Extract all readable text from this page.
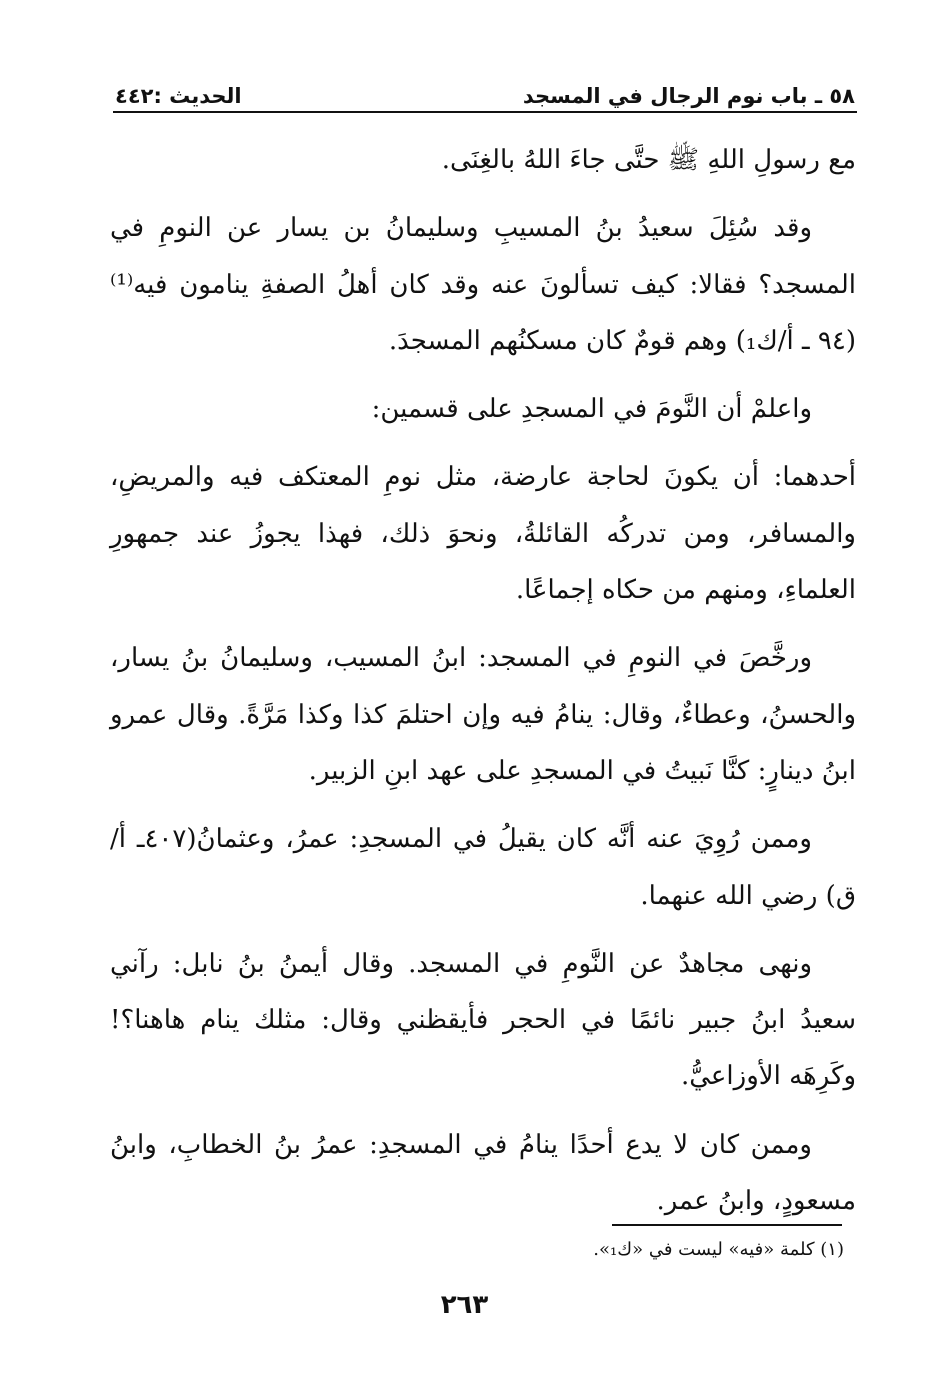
٥٨ ـ باب نوم الرجال في المسجد
الحديث :٤٤٢

مع رسولِ اللهِ ﷺ حتَّى جاءَ اللهُ بالغِنَى.

وقد سُئِلَ سعيدُ بنُ المسيبِ وسليمانُ بن يسار عن النومِ في المسجد؟ فقالا: كيف تسألونَ عنه وقد كان أهلُ الصفةِ ينامون فيه⁽¹⁾ (٩٤ ـ أ/ك₁) وهم قومٌ كان مسكنُهم المسجدَ.

واعلمْ أن النَّومَ في المسجدِ على قسمين:

أحدهما: أن يكونَ لحاجة عارضة، مثل نومِ المعتكف فيه والمريضِ، والمسافر، ومن تدركُه القائلةُ، ونحوَ ذلك، فهذا يجوزُ عند جمهورِ العلماءِ، ومنهم من حكاه إجماعًا.

ورخَّصَ في النومِ في المسجد: ابنُ المسيب، وسليمانُ بنُ يسار، والحسنُ، وعطاءٌ، وقال: ينامُ فيه وإن احتلمَ كذا وكذا مَرَّةً. وقال عمرو ابنُ دينارٍ: كنَّا نَبيتُ في المسجدِ على عهد ابنِ الزبير.

وممن رُوِيَ عنه أنَّه كان يقيلُ في المسجدِ: عمرُ، وعثمانُ(٤٠٧ـ أ/ ق) رضي الله عنهما.

ونهى مجاهدٌ عن النَّومِ في المسجد. وقال أيمنُ بنُ نابل: رآني سعيدُ ابنُ جبير نائمًا في الحجر فأيقظني وقال: مثلك ينام هاهنا؟! وكَرِهَه الأوزاعيُّ.

وممن كان لا يدع أحدًا ينامُ في المسجدِ: عمرُ بنُ الخطابِ، وابنُ مسعودٍ، وابنُ عمر.

(١) كلمة «فيه» ليست في «ك₁».
٢٦٣
